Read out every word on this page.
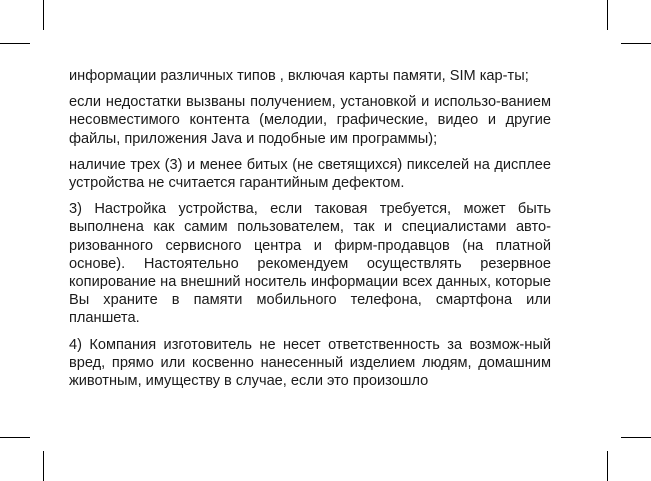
информации различных типов , включая карты памяти, SIM кар-ты;

если недостатки вызваны получением, установкой и использо-ванием несовместимого контента (мелодии, графические, видео и другие файлы, приложения Java и подобные им программы);

наличие трех (3) и менее битых (не светящихся) пикселей на дисплее устройства не считается гарантийным дефектом.

3) Настройка устройства, если таковая требуется, может быть выполнена как самим пользователем, так и специалистами авто-ризованного сервисного центра и фирм-продавцов (на платной основе). Настоятельно рекомендуем осуществлять резервное копирование на внешний носитель информации всех данных, которые Вы храните в памяти мобильного телефона, смартфона или планшета.

4) Компания изготовитель не несет ответственность за возмож-ный вред, прямо или косвенно нанесенный изделием людям, домашним животным, имуществу в случае, если это произошло
